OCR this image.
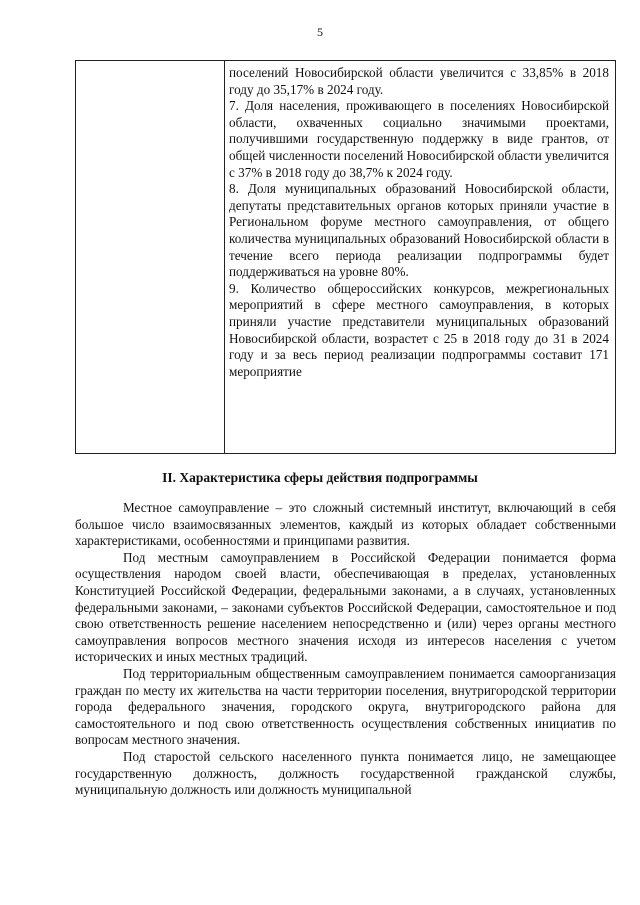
5

поселений Новосибирской области увеличится с 33,85% в 2018 году до 35,17% в 2024 году.

7. Доля населения, проживающего в поселениях Новосибирской области, охваченных социально значимыми проектами, получившими государственную поддержку в виде грантов, от общей численности поселений Новосибирской области увеличится с 37% в 2018 году до 38,7% к 2024 году.

8. Доля муниципальных образований Новосибирской области, депутаты представительных органов которых приняли участие в Региональном форуме местного самоуправления, от общего количества муниципальных образований Новосибирской области в течение всего периода реализации подпрограммы будет поддерживаться на уровне 80%.

9. Количество общероссийских конкурсов, межрегиональных мероприятий в сфере местного самоуправления, в которых приняли участие представители муниципальных образований Новосибирской области, возрастет с 25 в 2018 году до 31 в 2024 году и за весь период реализации подпрограммы составит 171 мероприятие

II. Характеристика сферы действия подпрограммы

Местное самоуправление – это сложный системный институт, включающий в себя большое число взаимосвязанных элементов, каждый из которых обладает собственными характеристиками, особенностями и принципами развития.

Под местным самоуправлением в Российской Федерации понимается форма осуществления народом своей власти, обеспечивающая в пределах, установленных Конституцией Российской Федерации, федеральными законами, а в случаях, установленных федеральными законами, – законами субъектов Российской Федерации, самостоятельное и под свою ответственность решение населением непосредственно и (или) через органы местного самоуправления вопросов местного значения исходя из интересов населения с учетом исторических и иных местных традиций.

Под территориальным общественным самоуправлением понимается самоорганизация граждан по месту их жительства на части территории поселения, внутригородской территории города федерального значения, городского округа, внутригородского района для самостоятельного и под свою ответственность осуществления собственных инициатив по вопросам местного значения.

Под старостой сельского населенного пункта понимается лицо, не замещающее государственную должность, должность государственной гражданской службы, муниципальную должность или должность муниципальной
